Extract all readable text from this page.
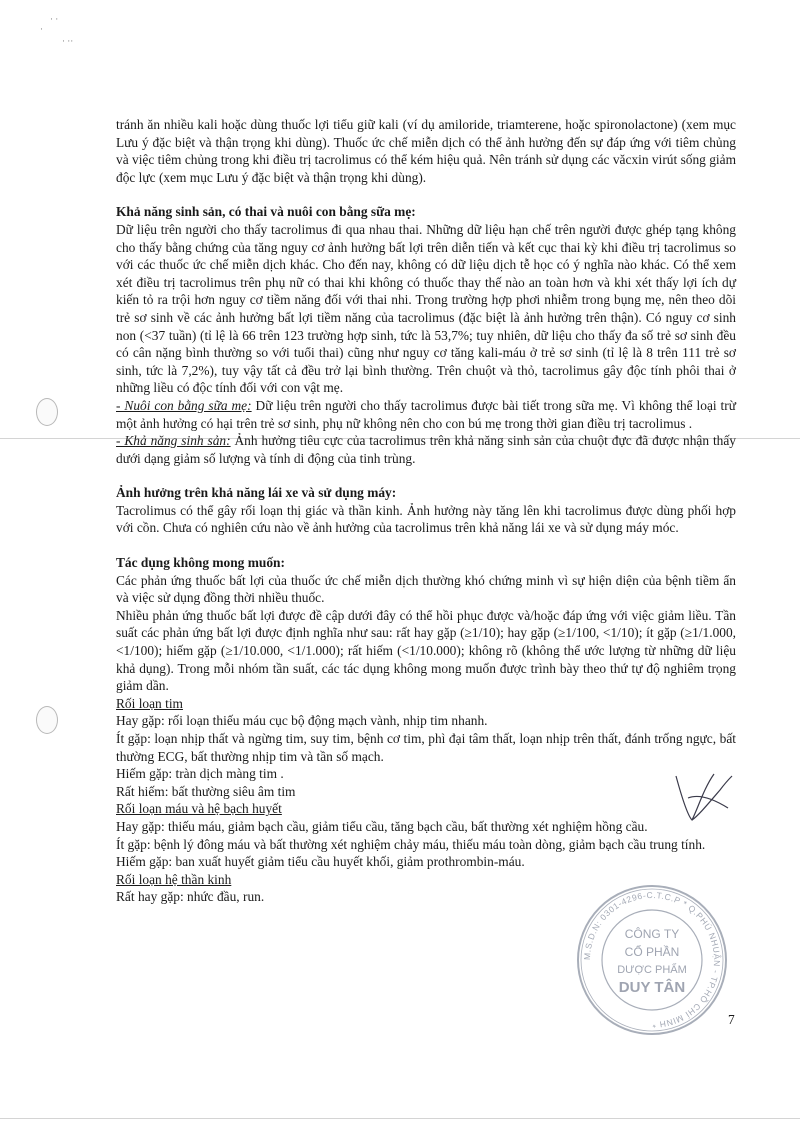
· ·
·
· ··

tránh ăn nhiều kali hoặc dùng thuốc lợi tiểu giữ kali (ví dụ amiloride, triamterene, hoặc spironolactone) (xem mục Lưu ý đặc biệt và thận trọng khi dùng). Thuốc ức chế miễn dịch có thể ảnh hưởng đến sự đáp ứng với tiêm chủng và việc tiêm chủng trong khi điều trị tacrolimus có thể kém hiệu quả. Nên tránh sử dụng các văcxin virút sống giảm độc lực (xem mục Lưu ý đặc biệt và thận trọng khi dùng).

Khả năng sinh sản, có thai và nuôi con bằng sữa mẹ:

Dữ liệu trên người cho thấy tacrolimus đi qua nhau thai. Những dữ liệu hạn chế trên người được ghép tạng không cho thấy bằng chứng của tăng nguy cơ ảnh hưởng bất lợi trên diễn tiến và kết cục thai kỳ khi điều trị tacrolimus so với các thuốc ức chế miễn dịch khác. Cho đến nay, không có dữ liệu dịch tễ học có ý nghĩa nào khác. Có thể xem xét điều trị tacrolimus trên phụ nữ có thai khi không có thuốc thay thế nào an toàn hơn và khi xét thấy lợi ích dự kiến tỏ ra trội hơn nguy cơ tiềm năng đối với thai nhi. Trong trường hợp phơi nhiễm trong bụng mẹ, nên theo dõi trẻ sơ sinh về các ảnh hưởng bất lợi tiềm năng của tacrolimus (đặc biệt là ảnh hưởng trên thận). Có nguy cơ sinh non (<37 tuần) (tỉ lệ là 66 trên 123 trường hợp sinh, tức là 53,7%; tuy nhiên, dữ liệu cho thấy đa số trẻ sơ sinh đều có cân nặng bình thường so với tuổi thai) cũng như nguy cơ tăng kali-máu ở trẻ sơ sinh (tỉ lệ là 8 trên 111 trẻ sơ sinh, tức là 7,2%), tuy vậy tất cả đều trở lại bình thường. Trên chuột và thỏ, tacrolimus gây độc tính phôi thai ở những liều có độc tính đối với con vật mẹ.

- Nuôi con bằng sữa mẹ: Dữ liệu trên người cho thấy tacrolimus được bài tiết trong sữa mẹ. Vì không thể loại trừ một ảnh hưởng có hại trên trẻ sơ sinh, phụ nữ không nên cho con bú mẹ trong thời gian điều trị tacrolimus .

- Khả năng sinh sản: Ảnh hưởng tiêu cực của tacrolimus trên khả năng sinh sản của chuột đực đã được nhận thấy dưới dạng giảm số lượng và tính di động của tinh trùng.

Ảnh hưởng trên khả năng lái xe và sử dụng máy:

Tacrolimus có thể gây rối loạn thị giác và thần kinh. Ảnh hưởng này tăng lên khi tacrolimus được dùng phối hợp với cồn. Chưa có nghiên cứu nào về ảnh hưởng của tacrolimus trên khả năng lái xe và sử dụng máy móc.

Tác dụng không mong muốn:

Các phản ứng thuốc bất lợi của thuốc ức chế miễn dịch thường khó chứng minh vì sự hiện diện của bệnh tiềm ẩn và việc sử dụng đồng thời nhiều thuốc.

Nhiều phản ứng thuốc bất lợi được đề cập dưới đây có thể hồi phục được và/hoặc đáp ứng với việc giảm liều. Tần suất các phản ứng bất lợi được định nghĩa như sau: rất hay gặp (≥1/10); hay gặp (≥1/100, <1/10); ít gặp (≥1/1.000, <1/100); hiếm gặp (≥1/10.000, <1/1.000); rất hiếm (<1/10.000); không rõ (không thể ước lượng từ những dữ liệu khả dụng). Trong mỗi nhóm tần suất, các tác dụng không mong muốn được trình bày theo thứ tự độ nghiêm trọng giảm dần.

Rối loạn tim

Hay gặp: rối loạn thiếu máu cục bộ động mạch vành, nhịp tim nhanh.

Ít gặp: loạn nhịp thất và ngừng tim, suy tim, bệnh cơ tim, phì đại tâm thất, loạn nhịp trên thất, đánh trống ngực, bất thường ECG, bất thường nhịp tim và tần số mạch.

Hiếm gặp: tràn dịch màng tim .

Rất hiếm: bất thường siêu âm tim

Rối loạn máu và hệ bạch huyết

Hay gặp: thiếu máu, giảm bạch cầu, giảm tiểu cầu, tăng bạch cầu, bất thường xét nghiệm hồng cầu.

Ít gặp: bệnh lý đông máu và bất thường xét nghiệm chảy máu, thiếu máu toàn dòng, giảm bạch cầu trung tính.

Hiếm gặp: ban xuất huyết giảm tiểu cầu huyết khối, giảm prothrombin-máu.

Rối loạn hệ thần kinh

Rất hay gặp: nhức đầu, run.

M.S.D.N: 0301-4296-C.T.C.P * Q.PHÚ NHUẬN - TP.HỒ CHÍ MINH *
CÔNG TY
CỔ PHẦN
DƯỢC PHẨM
DUY TÂN
7
